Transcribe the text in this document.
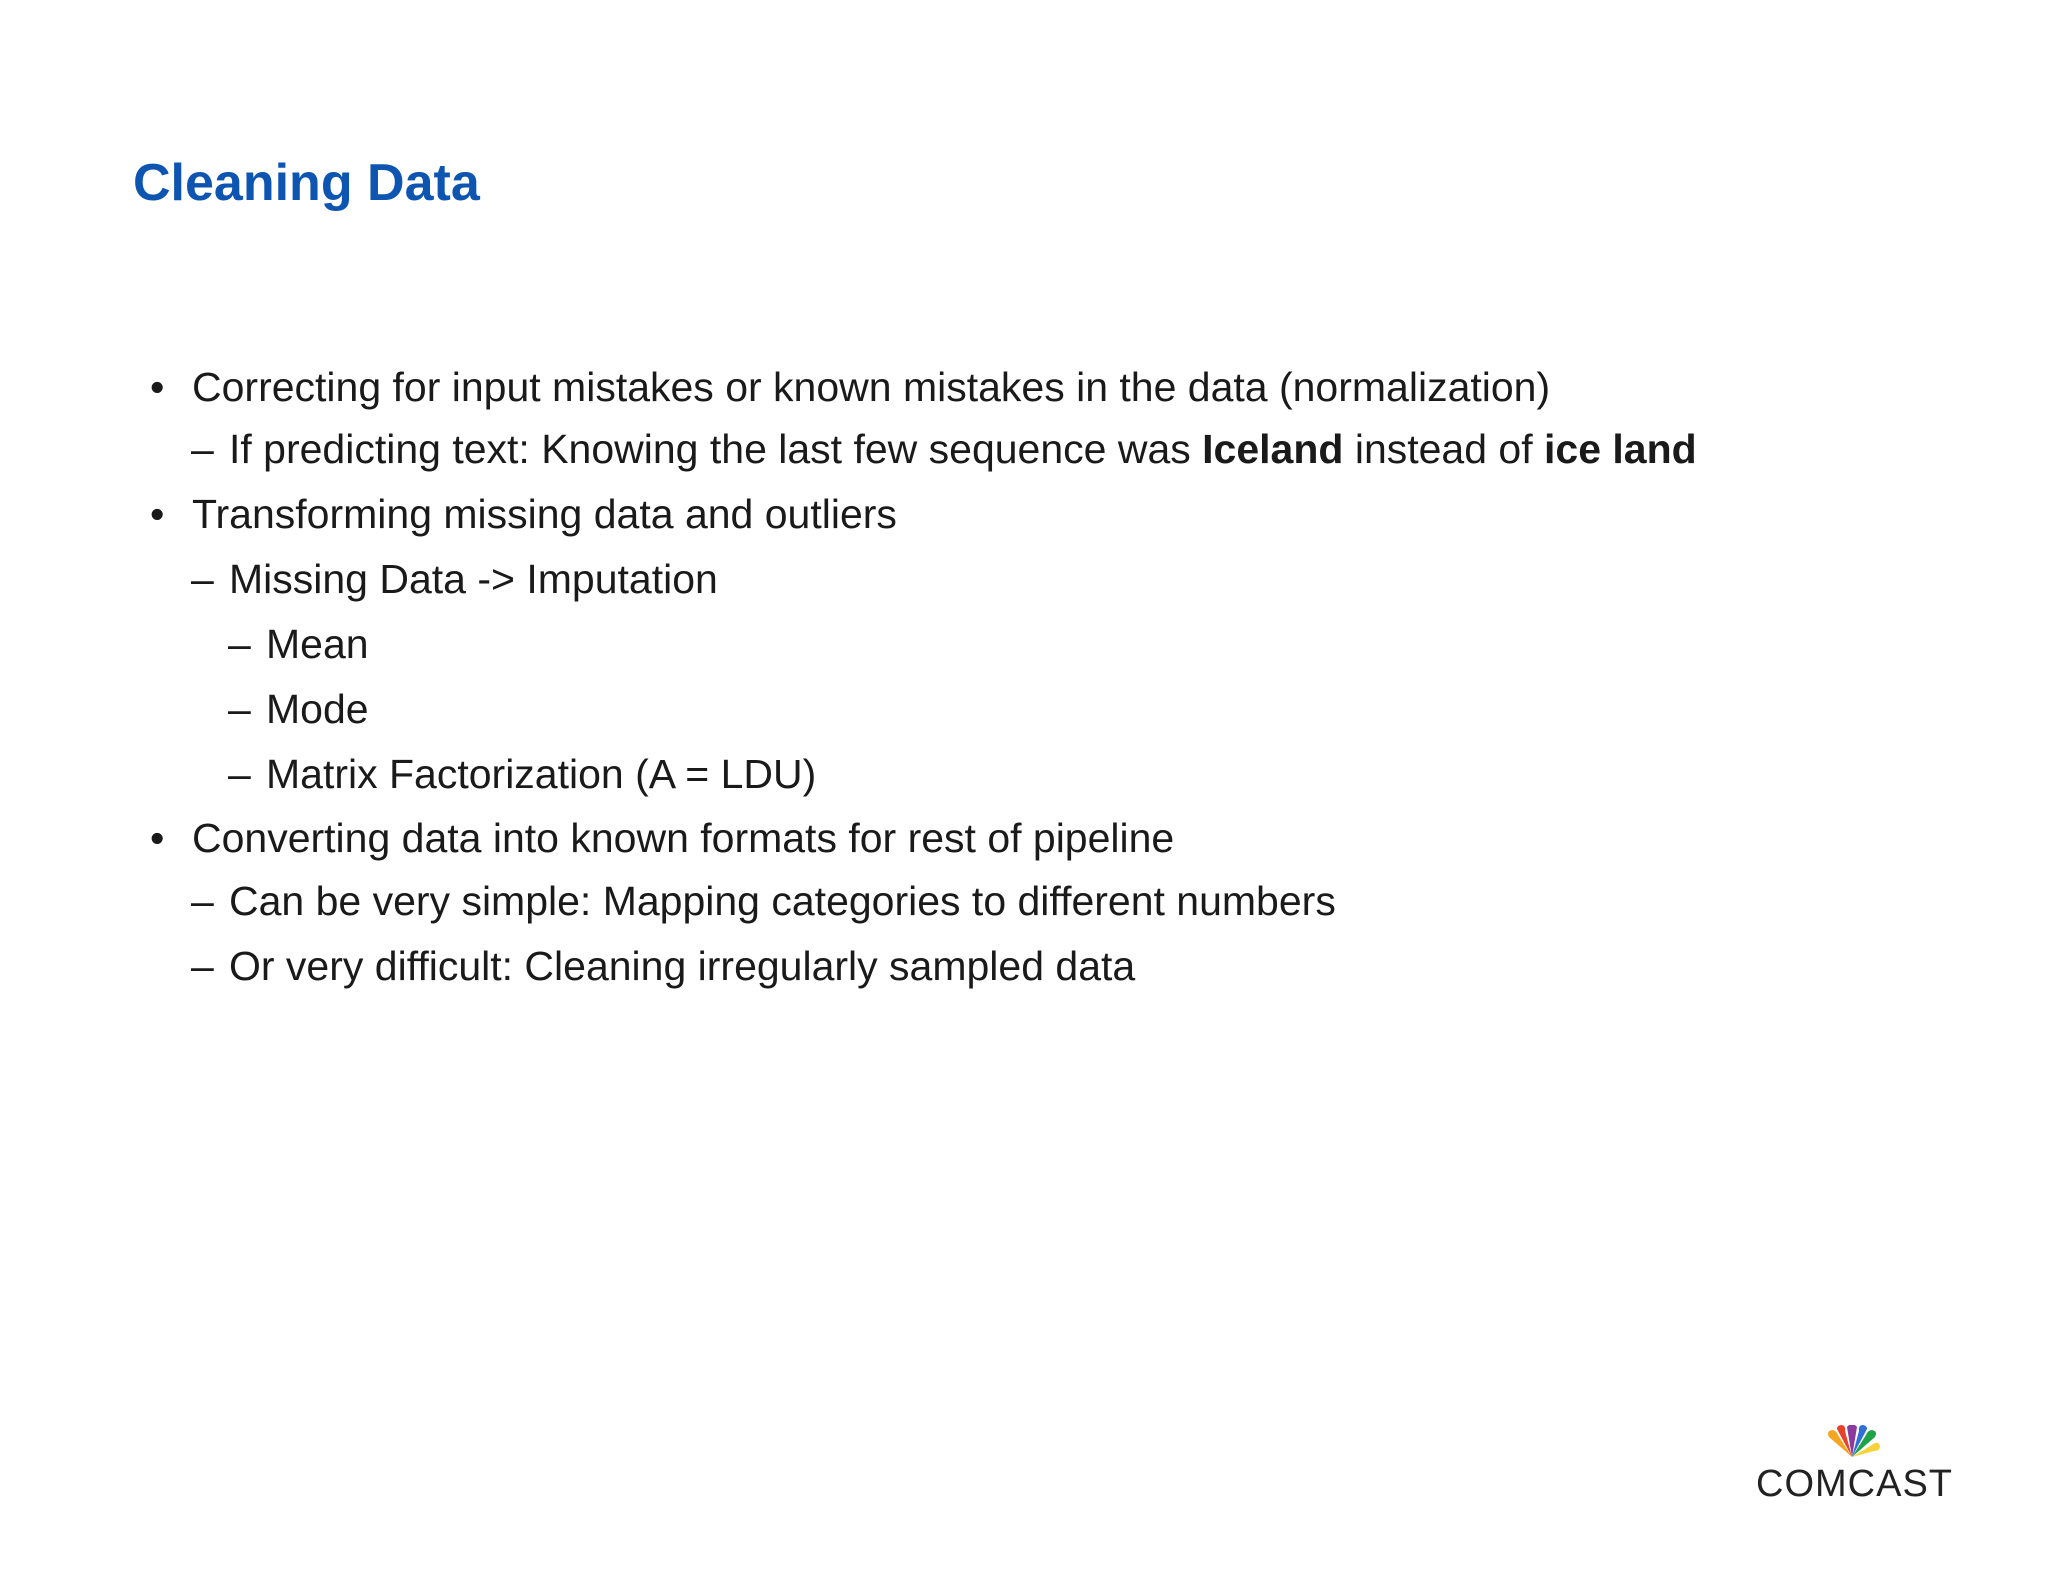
Cleaning Data
• Correcting for input mistakes or known mistakes in the data (normalization)
– If predicting text: Knowing the last few sequence was Iceland instead of ice land
• Transforming missing data and outliers
– Missing Data -> Imputation
– Mean
– Mode
– Matrix Factorization (A = LDU)
• Converting data into known formats for rest of pipeline
– Can be very simple: Mapping categories to different numbers
– Or very difficult: Cleaning irregularly sampled data
COMCAST
